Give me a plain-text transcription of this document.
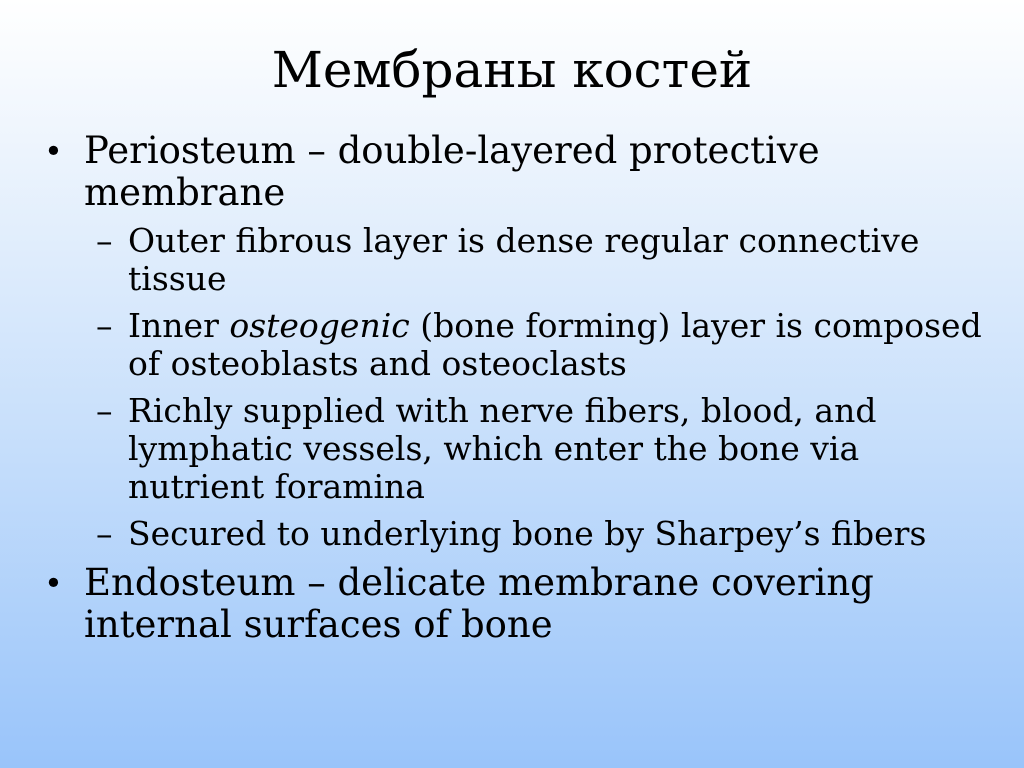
Мембраны костей
• Periosteum – double-layered protective membrane
– Outer fibrous layer is dense regular connective tissue
– Inner osteogenic (bone forming) layer is composed of osteoblasts and osteoclasts
– Richly supplied with nerve fibers, blood, and lymphatic vessels, which enter the bone via nutrient foramina
– Secured to underlying bone by Sharpey’s fibers
• Endosteum – delicate membrane covering internal surfaces of bone
